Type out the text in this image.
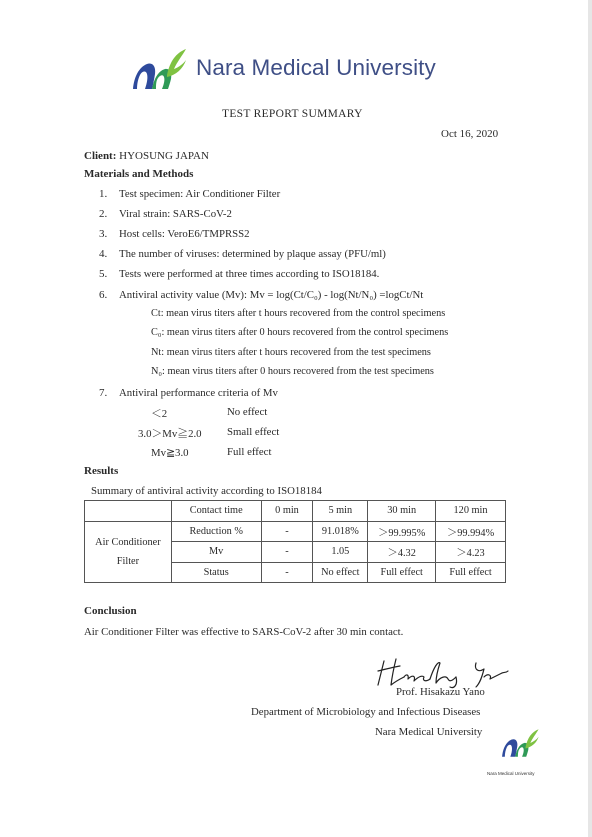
Nara Medical University
TEST REPORT SUMMARY
Oct 16, 2020
Client: HYOSUNG JAPAN
Materials and Methods
1. Test specimen: Air Conditioner Filter
2. Viral strain: SARS-CoV-2
3. Host cells: VeroE6/TMPRSS2
4. The number of viruses: determined by plaque assay (PFU/ml)
5. Tests were performed at three times according to ISO18184.
6. Antiviral activity value (Mv): Mv = log(Ct/C₀) - log(Nt/N₀) =logCt/Nt
Ct: mean virus titers after t hours recovered from the control specimens
C₀: mean virus titers after 0 hours recovered from the control specimens
Nt: mean virus titers after t hours recovered from the test specimens
N₀: mean virus titers after 0 hours recovered from the test specimens
7. Antiviral performance criteria of Mv
＜2	No effect
3.0＞Mv≧2.0 Small effect
Mv≧3.0	Full effect
Results
Summary of antiviral activity according to ISO18184
	Contact time	0 min	5 min	30 min	120 min
Air Conditioner Filter	Reduction %	-	91.018%	＞99.995%	＞99.994%
	Mv	-	1.05	＞4.32	＞4.23
	Status	-	No effect	Full effect	Full effect
Conclusion
Air Conditioner Filter was effective to SARS-CoV-2 after 30 min contact.
Prof. Hisakazu Yano
Department of Microbiology and Infectious Diseases
Nara Medical University
Nara Medical University
